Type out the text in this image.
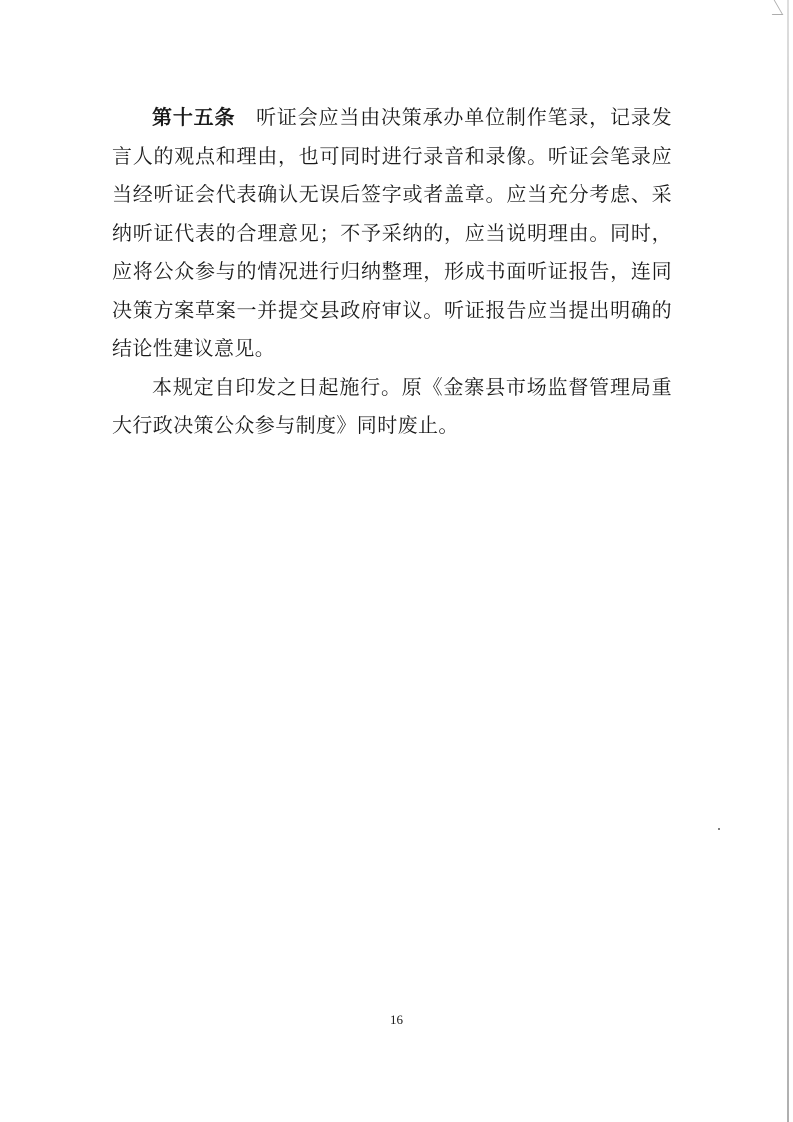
第十五条  听证会应当由决策承办单位制作笔录，记录发言人的观点和理由，也可同时进行录音和录像。听证会笔录应当经听证会代表确认无误后签字或者盖章。应当充分考虑、采纳听证代表的合理意见；不予采纳的，应当说明理由。同时，应将公众参与的情况进行归纳整理，形成书面听证报告，连同决策方案草案一并提交县政府审议。听证报告应当提出明确的结论性建议意见。

本规定自印发之日起施行。原《金寨县市场监督管理局重大行政决策公众参与制度》同时废止。

16
